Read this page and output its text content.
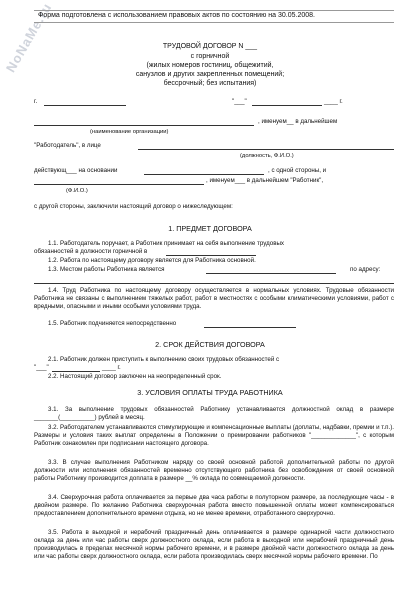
NoNaMe.ru
Форма подготовлена с использованием правовых актов по состоянию на 30.05.2008.
ТРУДОВОЙ ДОГОВОР N ___
с горничной
(жилых номеров гостиниц, общежитий,
санузлов и других закрепленных помещений;
бессрочный; без испытания)
г.	"___"	____ г.
, именуем__ в дальнейшем
(наименование организации)
"Работодатель", в лице
(должность, Ф.И.О.)
действующ___ на основании	, с одной стороны, и
, именуем___ в дальнейшем "Работник",
(Ф.И.О.)
с другой стороны, заключили настоящий договор о нижеследующем:
1. ПРЕДМЕТ ДОГОВОРА
1.1. Работодатель поручает, а Работник принимает на себя выполнение трудовых
обязанностей в должности горничной в
1.2. Работа по настоящему договору является для Работника основной.
1.3. Местом работы Работника является	по адресу:
1.4. Труд Работника по настоящему договору осуществляется в нормальных условиях. Трудовые обязанности Работника не связаны с выполнением тяжелых работ, работ в местностях с особыми климатическими условиями, работ с вредными, опасными и иными особыми условиями труда.
1.5. Работник подчиняется непосредственно
2. СРОК ДЕЙСТВИЯ ДОГОВОРА
2.1. Работник должен приступить к выполнению своих трудовых обязанностей с
"___"	____ г.
2.2. Настоящий договор заключен на неопределенный срок.
3. УСЛОВИЯ ОПЛАТЫ ТРУДА РАБОТНИКА
3.1. За выполнение трудовых обязанностей Работнику устанавливается должностной оклад в размере _______(__________) рублей в месяц.
3.2. Работодателем устанавливаются стимулирующие и компенсационные выплаты (доплаты, надбавки, премии и т.п.). Размеры и условия таких выплат определены в Положении о премировании работников "_____________", с которым Работник ознакомлен при подписании настоящего договора.
3.3. В случае выполнения Работником наряду со своей основной работой дополнительной работы по другой должности или исполнения обязанностей временно отсутствующего работника без освобождения от своей основной работы Работнику производится доплата в размере __% оклада по совмещаемой должности.
3.4. Сверхурочная работа оплачивается за первые два часа работы в полуторном размере, за последующие часы - в двойном размере. По желанию Работника сверхурочная работа вместо повышенной оплаты может компенсироваться предоставлением дополнительного времени отдыха, но не менее времени, отработанного сверхурочно.
3.5. Работа в выходной и нерабочий праздничный день оплачивается в размере одинарной части должностного оклада за день или час работы сверх должностного оклада, если работа в выходной или нерабочий праздничный день производилась в пределах месячной нормы рабочего времени, и в размере двойной части должностного оклада за день или час работы сверх должностного оклада, если работа производилась сверх месячной нормы рабочего времени. По
